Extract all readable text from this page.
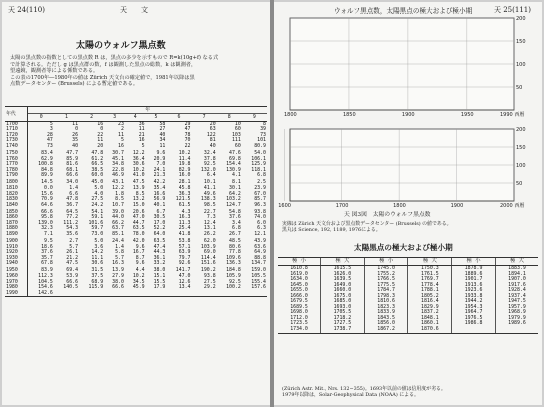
天 24(110)	天　　文
太陽のウォルフ黒点数
太陽の黒点数の指数としての黒点数 R は，黒点の多少を示すもので R=k(10g+f) なる式
で計算される。ただし g は黒点群の数，f は観測した黒点の総数，k は観測者，
望遠鏡，観測者等による係数である。
この表の1700年―1980年の値は Zürich 天文台の確定値で，1981年以降は黒
点数データセンター (Brussels) による暫定値である。
年代	年									
	0	1	2	3	4	5	6	7	8	9
1700	5	11	16	23	36	58	29	20	10	8
1710	3	0	0	2	11	27	47	63	60	39
1720	28	26	22	11	21	40	78	122	103	73
1730	47	35	11	5	16	34	70	81	111	101
1740	73	40	20	16	5	11	22	40	60	80.9
1750	83.4	47.7	47.8	30.7	12.2	9.6	10.2	32.4	47.6	54.0
1760	62.9	85.9	61.2	45.1	36.4	20.9	11.4	37.8	69.8	106.1
1770	100.8	81.6	66.5	34.8	30.6	7.0	19.8	92.5	154.4	125.9
1780	84.8	68.1	38.5	22.8	10.2	24.1	82.9	132.0	130.9	118.1
1790	89.9	66.6	60.0	46.9	41.0	21.3	16.0	6.4	4.1	6.8
1800	14.5	34.0	45.0	43.1	47.5	42.2	28.1	10.1	8.1	2.5
1810	0.0	1.4	5.0	12.2	13.9	35.4	45.8	41.1	30.1	23.9
1820	15.6	6.6	4.0	1.8	8.5	16.6	36.3	49.6	64.2	67.0
1830	70.9	47.8	27.5	8.5	13.2	56.9	121.5	138.3	103.2	85.7
1840	64.6	36.7	24.2	10.7	15.0	40.1	61.5	98.5	124.7	96.3
1850	66.6	64.5	54.1	39.0	20.6	6.7	4.3	22.7	54.8	93.8
1860	95.8	77.2	59.1	44.0	47.0	30.5	16.3	7.3	37.6	74.0
1870	139.0	111.2	101.6	66.2	44.7	17.0	11.3	12.4	3.4	6.0
1880	32.3	54.3	59.7	63.7	63.5	52.2	25.4	13.1	6.8	6.3
1890	7.1	35.6	73.0	85.1	78.0	64.0	41.8	26.2	26.7	12.1
1900	9.5	2.7	5.0	24.4	42.0	63.5	53.8	62.0	48.5	43.9
1910	18.6	5.7	3.6	1.4	9.6	47.4	57.1	103.9	80.6	63.6
1920	37.6	26.1	14.2	5.8	16.7	44.3	63.9	69.0	77.8	64.9
1930	35.7	21.2	11.1	5.7	8.7	36.1	79.7	114.4	109.6	88.8
1940	67.8	47.5	30.6	16.3	9.6	33.2	92.6	151.6	136.3	134.7
1950	83.9	69.4	31.5	13.9	4.4	38.0	141.7	190.2	184.8	159.0
1960	112.3	53.9	37.5	27.9	10.2	15.1	47.0	93.8	105.9	105.5
1970	104.5	66.6	68.9	38.0	34.5	15.5	12.6	27.5	92.5	155.4
1980	154.6	140.5	115.9	66.6	45.9	17.9	13.4	29.2	100.2	157.6
1990	142.6									
ウォルフ黒点数，太陽黒点の極大および極小期	天 25(111)
50
100
150
200
1800	1850	1900	1950	1990 西暦
50
100
150
200
1600	1700	1800	1900	2000 西暦
天 図3図　太陽のウォルフ黒点数
実線は Zürich 天文台および黒点数データセンター (Brussels) の値である。
黒丸は Science, 192, 1189, 1976による。
太陽黒点の極大および極小期
極 小	極 大	極 小	極 大	極 小	極 大
1610.8	1615.5	1745.0	1750.3	1878.9	1883.9
1619.0	1626.0	1755.2	1761.5	1889.6	1894.1
1634.0	1639.5	1766.5	1769.7	1901.7	1907.0
1645.0	1649.0	1775.5	1778.4	1913.6	1917.6
1655.0	1660.0	1784.7	1788.1	1923.6	1928.4
1666.0	1675.0	1798.3	1805.2	1933.8	1937.4
1679.5	1685.0	1810.6	1816.4	1944.2	1947.5
1689.5	1693.0	1823.3	1829.9	1954.3	1957.9
1698.0	1705.5	1833.9	1837.2	1964.7	1968.9
1712.0	1718.2	1843.5	1848.1	1976.5	1979.9
1723.5	1727.5	1856.0	1860.1	1986.8	1989.6
1734.0	1738.7	1867.2	1870.6		
(Zürich Astr. Mit., Nrs. 132−355)。1693年以前の値は信用度が劣る。
1979年以降は，Solar-Geophysical Data (NOAA) による。
